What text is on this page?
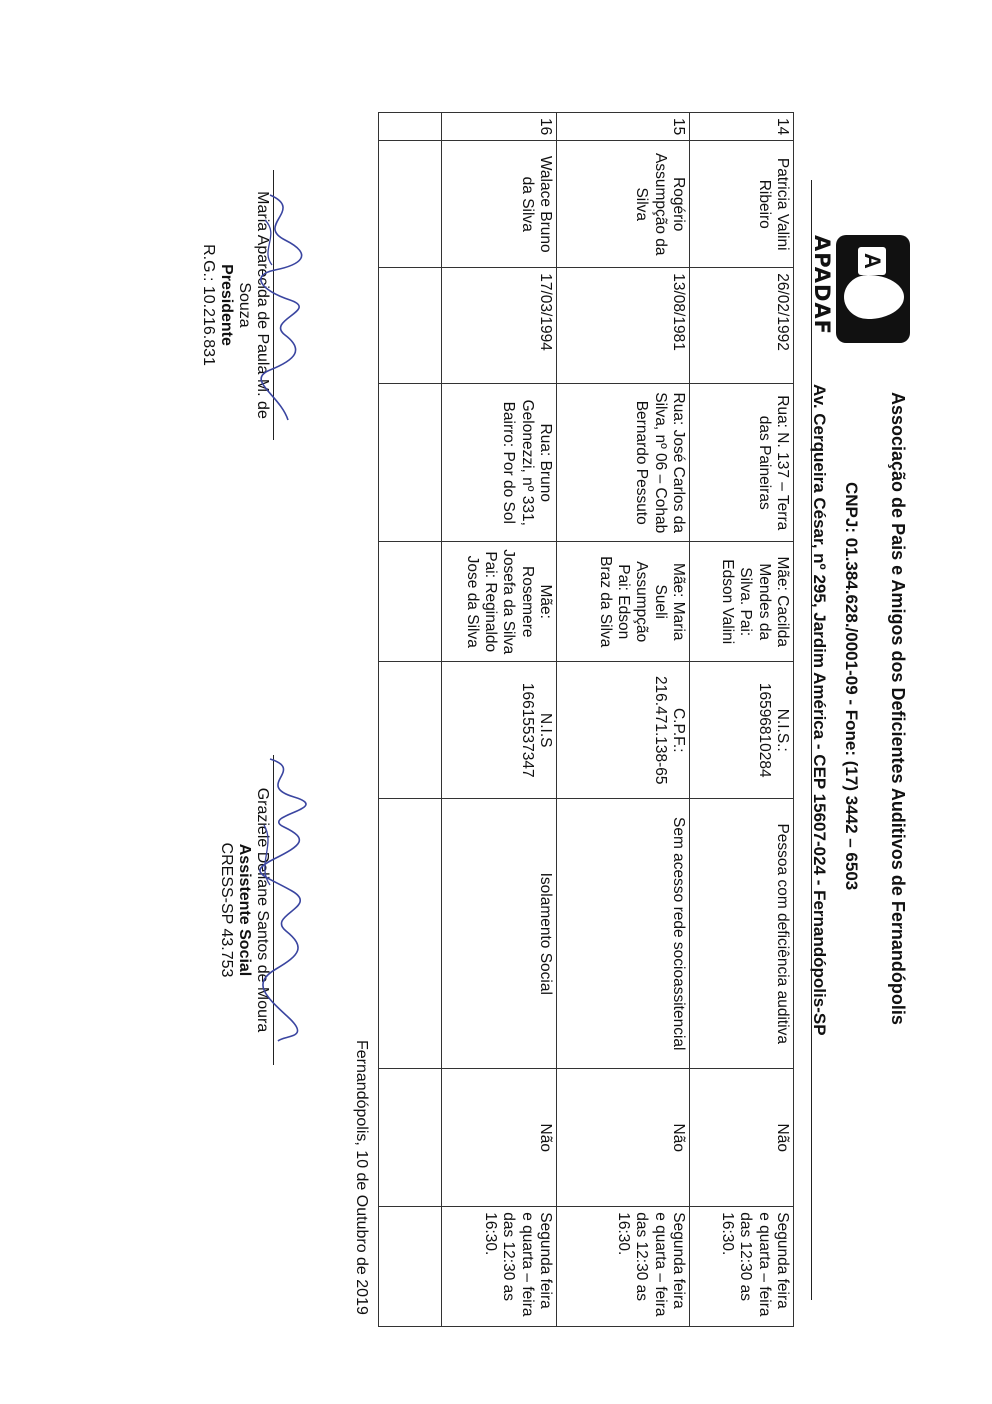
A
APADAF
Associação de Pais e Amigos dos Deficientes Auditivos de Fernandópolis
CNPJ: 01.384.628./0001-09 - Fone: (17) 3442 – 6503
Av. Cerqueira César, nº 295, Jardim América - CEP 15607-024 - Fernandópolis-SP
14	Patricia Valini Ribeiro	26/02/1992	Rua: N. 137 – Terra das Paineiras	Mãe: Cacilda Mendes da Silva. Pai: Edson Valini	N.I.S.: 16596810284	Pessoa com deficiência auditiva	Não	Segunda feira e quarta – feira das 12:30 as 16:30.
15	Rogério Assumpção da Silva	13/08/1981	Rua: José Carlos da Silva, nº 06 – Cohab Bernardo Pessuto	Mãe: Maria Sueli Assumpção Pai: Edson Braz da Silva	C.P.F.: 216.471.138-65	Sem acesso rede socioassitencial	Não	Segunda feira e quarta – feira das 12:30 as 16:30.
16	Walace Bruno da Silva	17/03/1994	Rua: Bruno Gelonezzi, nº 331, Bairro: Por do Sol	Mãe: Rosemere Josefa da Silva Pai: Reginaldo Jose da Silva	N.I.S 16615537347	Isolamento Social	Não	Segunda feira e quarta – feira das 12:30 as 16:30.

Fernandópolis, 10 de Outubro de 2019
Maria Aparecida de Paula M. de Souza
Presidente
R.G.: 10.216.831
Graziele Deliane Santos de Moura
Assistente Social
CRESS-SP 43.753
